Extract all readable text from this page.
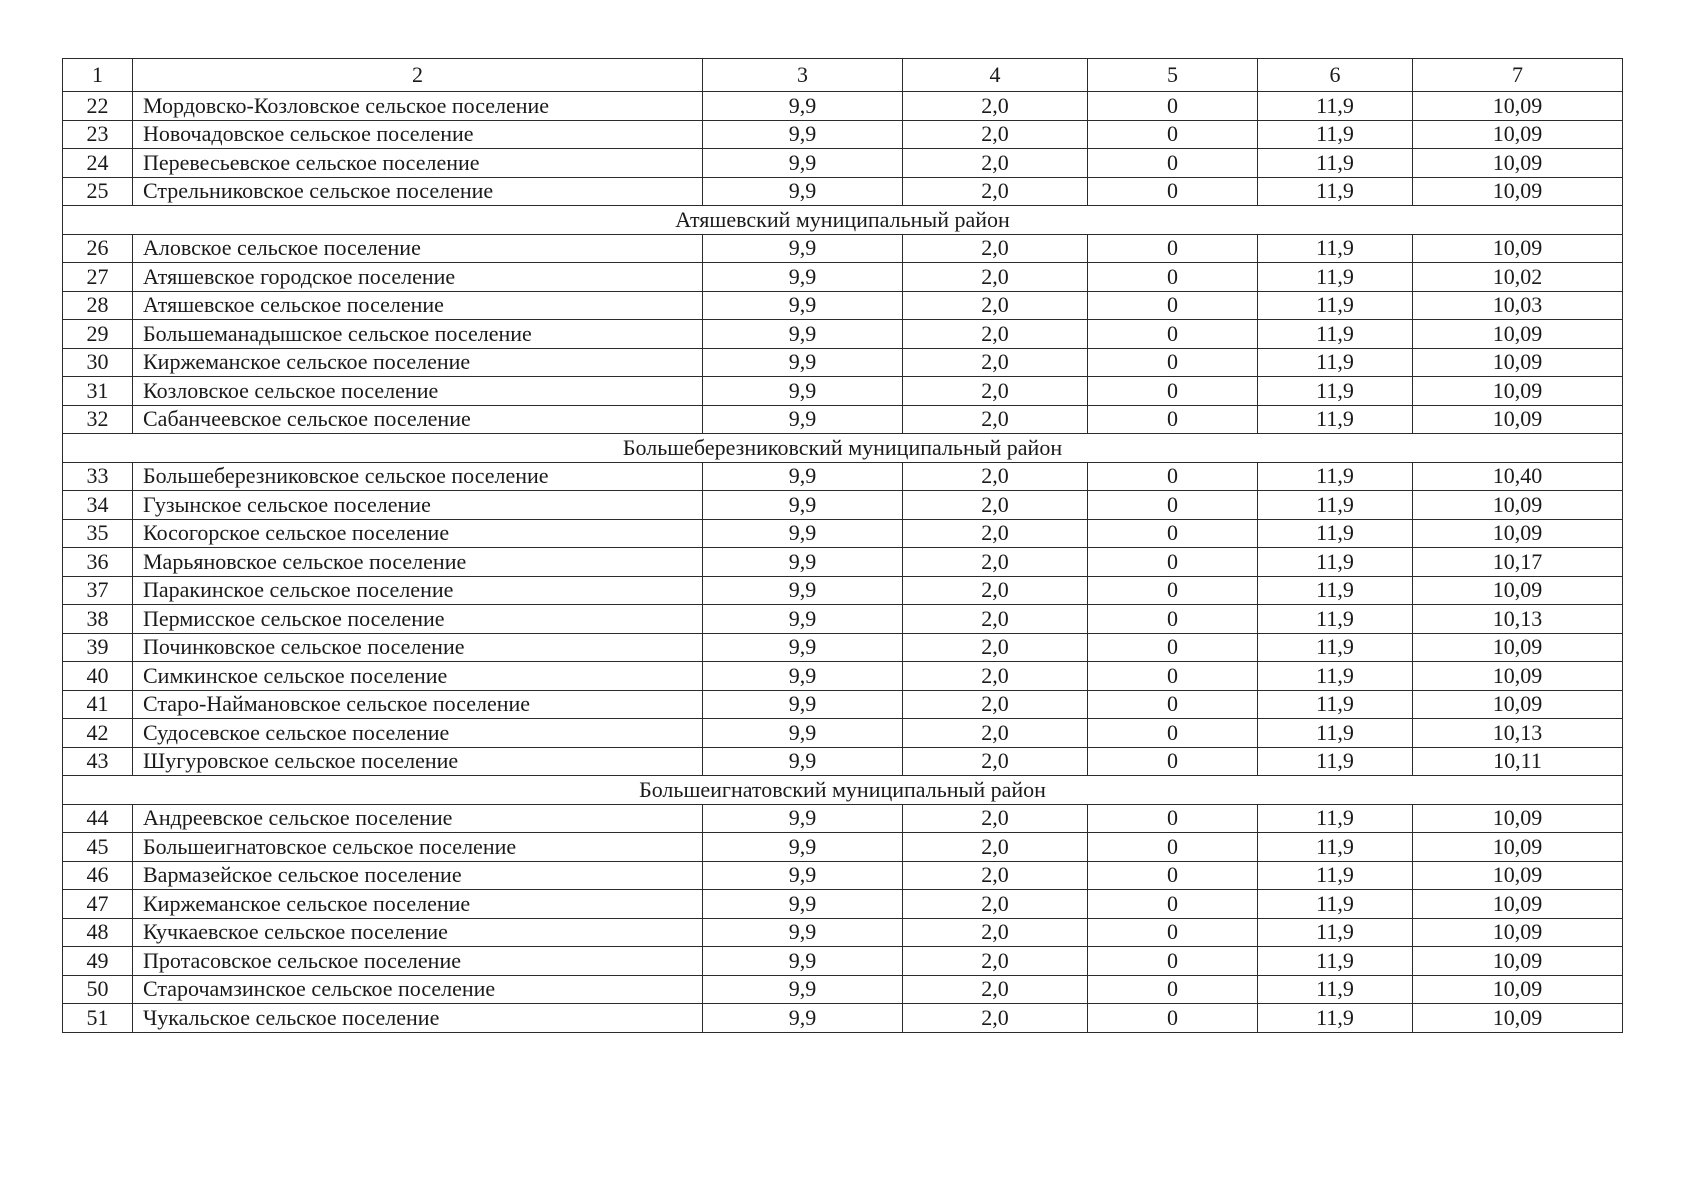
1	2	3	4	5	6	7
22	Мордовско-Козловское сельское поселение	9,9	2,0	0	11,9	10,09
23	Новочадовское сельское поселение	9,9	2,0	0	11,9	10,09
24	Перевесьевское сельское поселение	9,9	2,0	0	11,9	10,09
25	Стрельниковское сельское поселение	9,9	2,0	0	11,9	10,09
Атяшевский муниципальный район						
26	Аловское сельское поселение	9,9	2,0	0	11,9	10,09
27	Атяшевское городское поселение	9,9	2,0	0	11,9	10,02
28	Атяшевское сельское поселение	9,9	2,0	0	11,9	10,03
29	Большеманадышское сельское поселение	9,9	2,0	0	11,9	10,09
30	Киржеманское сельское поселение	9,9	2,0	0	11,9	10,09
31	Козловское сельское поселение	9,9	2,0	0	11,9	10,09
32	Сабанчеевское сельское поселение	9,9	2,0	0	11,9	10,09
Большеберезниковский муниципальный район						
33	Большеберезниковское сельское поселение	9,9	2,0	0	11,9	10,40
34	Гузынское сельское поселение	9,9	2,0	0	11,9	10,09
35	Косогорское сельское поселение	9,9	2,0	0	11,9	10,09
36	Марьяновское сельское поселение	9,9	2,0	0	11,9	10,17
37	Паракинское сельское поселение	9,9	2,0	0	11,9	10,09
38	Пермисское сельское поселение	9,9	2,0	0	11,9	10,13
39	Починковское сельское поселение	9,9	2,0	0	11,9	10,09
40	Симкинское сельское поселение	9,9	2,0	0	11,9	10,09
41	Старо-Наймановское сельское поселение	9,9	2,0	0	11,9	10,09
42	Судосевское сельское поселение	9,9	2,0	0	11,9	10,13
43	Шугуровское сельское поселение	9,9	2,0	0	11,9	10,11
Большеигнатовский муниципальный район						
44	Андреевское сельское поселение	9,9	2,0	0	11,9	10,09
45	Большеигнатовское сельское поселение	9,9	2,0	0	11,9	10,09
46	Вармазейское сельское поселение	9,9	2,0	0	11,9	10,09
47	Киржеманское сельское поселение	9,9	2,0	0	11,9	10,09
48	Кучкаевское сельское поселение	9,9	2,0	0	11,9	10,09
49	Протасовское сельское поселение	9,9	2,0	0	11,9	10,09
50	Старочамзинское сельское поселение	9,9	2,0	0	11,9	10,09
51	Чукальское сельское поселение	9,9	2,0	0	11,9	10,09
